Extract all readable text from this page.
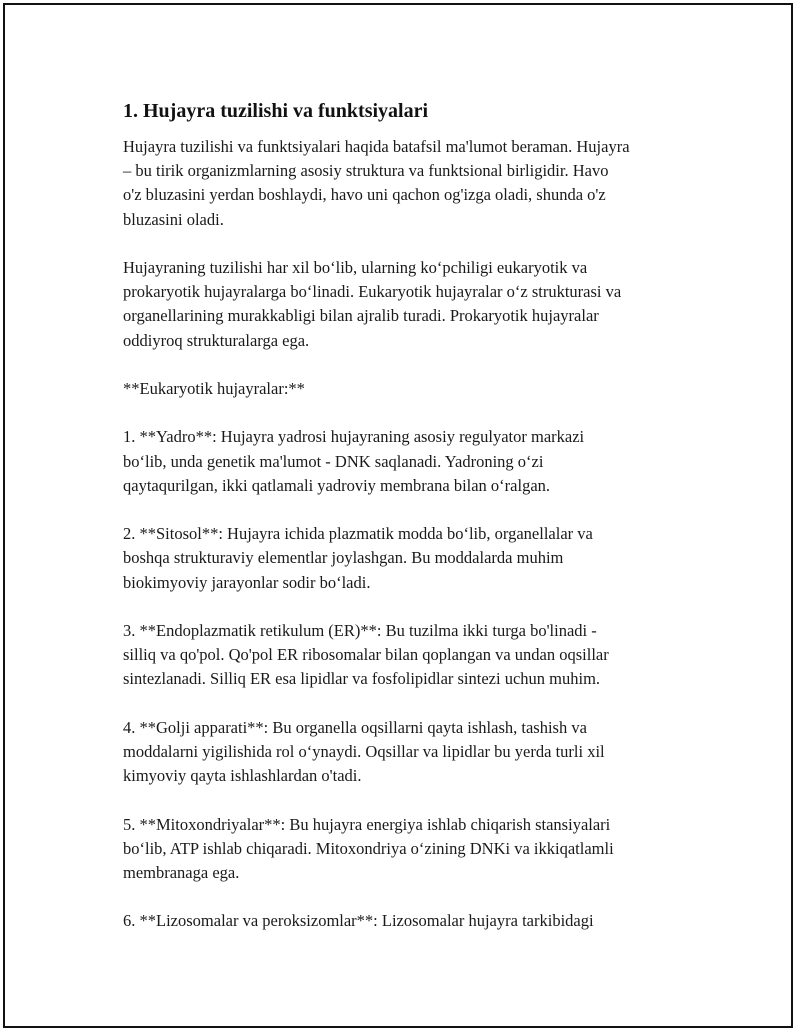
1. Hujayra tuzilishi va funktsiyalari

Hujayra tuzilishi va funktsiyalari haqida batafsil ma'lumot beraman. Hujayra
– bu tirik organizmlarning asosiy struktura va funktsional birligidir. Havo
o'z bluzasini yerdan boshlaydi, havo uni qachon og'izga oladi, shunda o'z
bluzasini oladi.

Hujayraning tuzilishi har xil bo‘lib, ularning ko‘pchiligi eukaryotik va
prokaryotik hujayralarga bo‘linadi. Eukaryotik hujayralar o‘z strukturasi va
organellarining murakkabligi bilan ajralib turadi. Prokaryotik hujayralar
oddiyroq strukturalarga ega.

**Eukaryotik hujayralar:**

1. **Yadro**: Hujayra yadrosi hujayraning asosiy regulyator markazi
bo‘lib, unda genetik ma'lumot - DNK saqlanadi. Yadroning o‘zi
qaytaqurilgan, ikki qatlamali yadroviy membrana bilan o‘ralgan.

2. **Sitosol**: Hujayra ichida plazmatik modda bo‘lib, organellalar va
boshqa strukturaviy elementlar joylashgan. Bu moddalarda muhim
biokimyoviy jarayonlar sodir bo‘ladi.

3. **Endoplazmatik retikulum (ER)**: Bu tuzilma ikki turga bo'linadi -
silliq va qo'pol. Qo'pol ER ribosomalar bilan qoplangan va undan oqsillar
sintezlanadi. Silliq ER esa lipidlar va fosfolipidlar sintezi uchun muhim.

4. **Golji apparati**: Bu organella oqsillarni qayta ishlash, tashish va
moddalarni yigilishida rol o‘ynaydi. Oqsillar va lipidlar bu yerda turli xil
kimyoviy qayta ishlashlardan o'tadi.

5. **Mitoxondriyalar**: Bu hujayra energiya ishlab chiqarish stansiyalari
bo‘lib, ATP ishlab chiqaradi. Mitoxondriya o‘zining DNKi va ikkiqatlamli
membranaga ega.

6. **Lizosomalar va peroksizomlar**: Lizosomalar hujayra tarkibidagi
